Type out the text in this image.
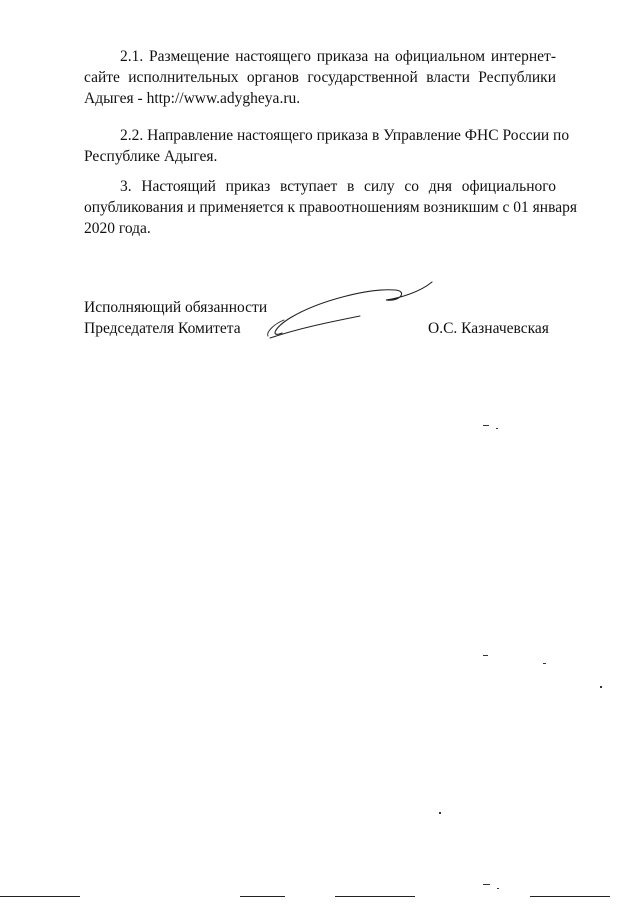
2.1. Размещение настоящего приказа на официальном интернет-
сайте исполнительных органов государственной власти Республики
Адыгея - http://www.adygheya.ru.

2.2. Направление настоящего приказа в Управление ФНС России по
Республике Адыгея.

3. Настоящий приказ вступает в силу со дня официального
опубликования и применяется к правоотношениям возникшим с 01 января
2020 года.

Исполняющий обязанности
Председателя Комитета	О.С. Казначевская
